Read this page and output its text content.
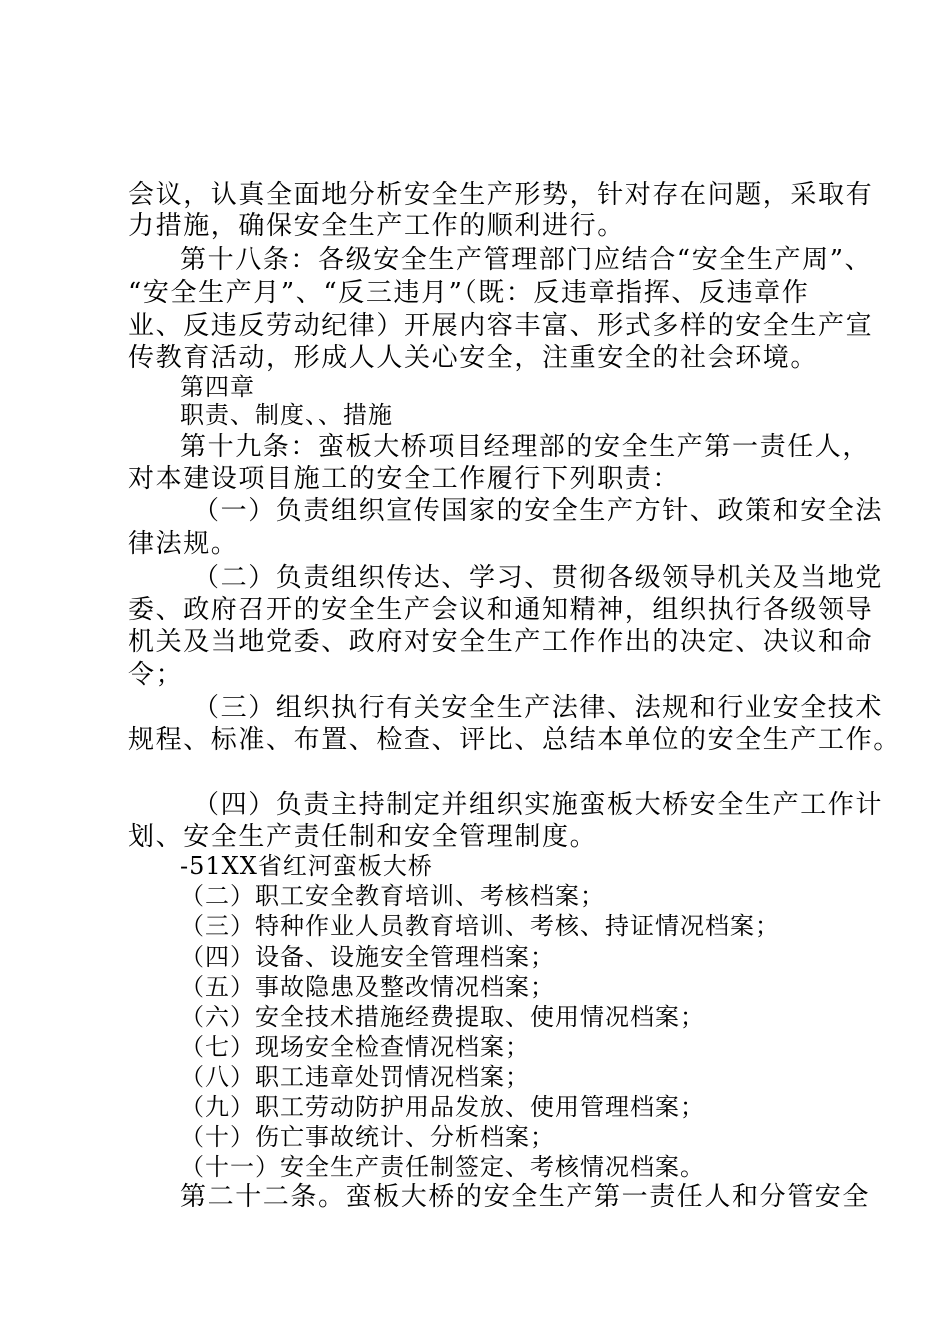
会议，认真全面地分析安全生产形势，针对存在问题，采取有
力措施，确保安全生产工作的顺利进行。
第十八条：各级安全生产管理部门应结合“安全生产周”、
“安全生产月”、“反三违月”（既：反违章指挥、反违章作
业、反违反劳动纪律）开展内容丰富、形式多样的安全生产宣
传教育活动，形成人人关心安全，注重安全的社会环境。
第四章
职责、制度、、措施
第十九条：蛮板大桥项目经理部的安全生产第一责任人，
对本建设项目施工的安全工作履行下列职责：
（一）负责组织宣传国家的安全生产方针、政策和安全法
律法规。
（二）负责组织传达、学习、贯彻各级领导机关及当地党
委、政府召开的安全生产会议和通知精神，组织执行各级领导
机关及当地党委、政府对安全生产工作作出的决定、决议和命
令；
（三）组织执行有关安全生产法律、法规和行业安全技术
规程、标准、布置、检查、评比、总结本单位的安全生产工作。
（四）负责主持制定并组织实施蛮板大桥安全生产工作计
划、安全生产责任制和安全管理制度。
-51XX省红河蛮板大桥
（二）职工安全教育培训、考核档案；
（三）特种作业人员教育培训、考核、持证情况档案；
（四）设备、设施安全管理档案；
（五）事故隐患及整改情况档案；
（六）安全技术措施经费提取、使用情况档案；
（七）现场安全检查情况档案；
（八）职工违章处罚情况档案；
（九）职工劳动防护用品发放、使用管理档案；
（十）伤亡事故统计、分析档案；
（十一）安全生产责任制签定、考核情况档案。
第二十二条。蛮板大桥的安全生产第一责任人和分管安全
